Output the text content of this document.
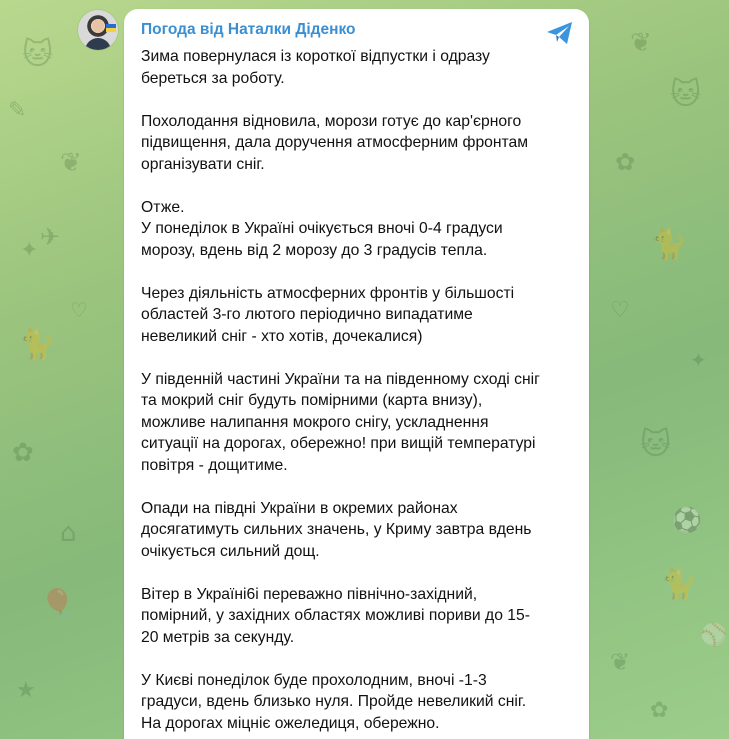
🐱
✎
❦
✦ ✈
🐈
♡
✿
🎈
⌂
★
❦
🐱
✿
🐈
♡
✦
🐱
⚽
🐈
⚾
❦
✿
Погода від Наталки Діденко

Зима повернулася із короткої відпустки і одразу
береться за роботу.

Похолодання відновила, морози готує до кар'єрного
підвищення, дала доручення атмосферним фронтам
організувати сніг.

Отже.
У понеділок в Україні очікується вночі 0-4 градуси
морозу, вдень від 2 морозу до 3 градусів тепла.

Через діяльність атмосферних фронтів у більшості
областей 3-го лютого періодично випадатиме
невеликий сніг - хто хотів, дочекалися)

У південній частині України та на південному сході сніг
та мокрий сніг будуть помірними (карта внизу),
можливе налипання мокрого снігу, ускладнення
ситуації на дорогах, обережно! при вищій температурі
повітря - дощитиме.

Опади на півдні України в окремих районах
досягатимуть сильних значень, у Криму завтра вдень
очікується сильний дощ.

Вітер в Україні6і переважно північно-західний,
помірний, у західних областях можливі пориви до 15-
20 метрів за секунду.

У Києві понеділок буде прохолодним, вночі -1-3
градуси, вдень близько нуля. Пройде невеликий сніг.
На дорогах міцніє ожеледиця, обережно.
